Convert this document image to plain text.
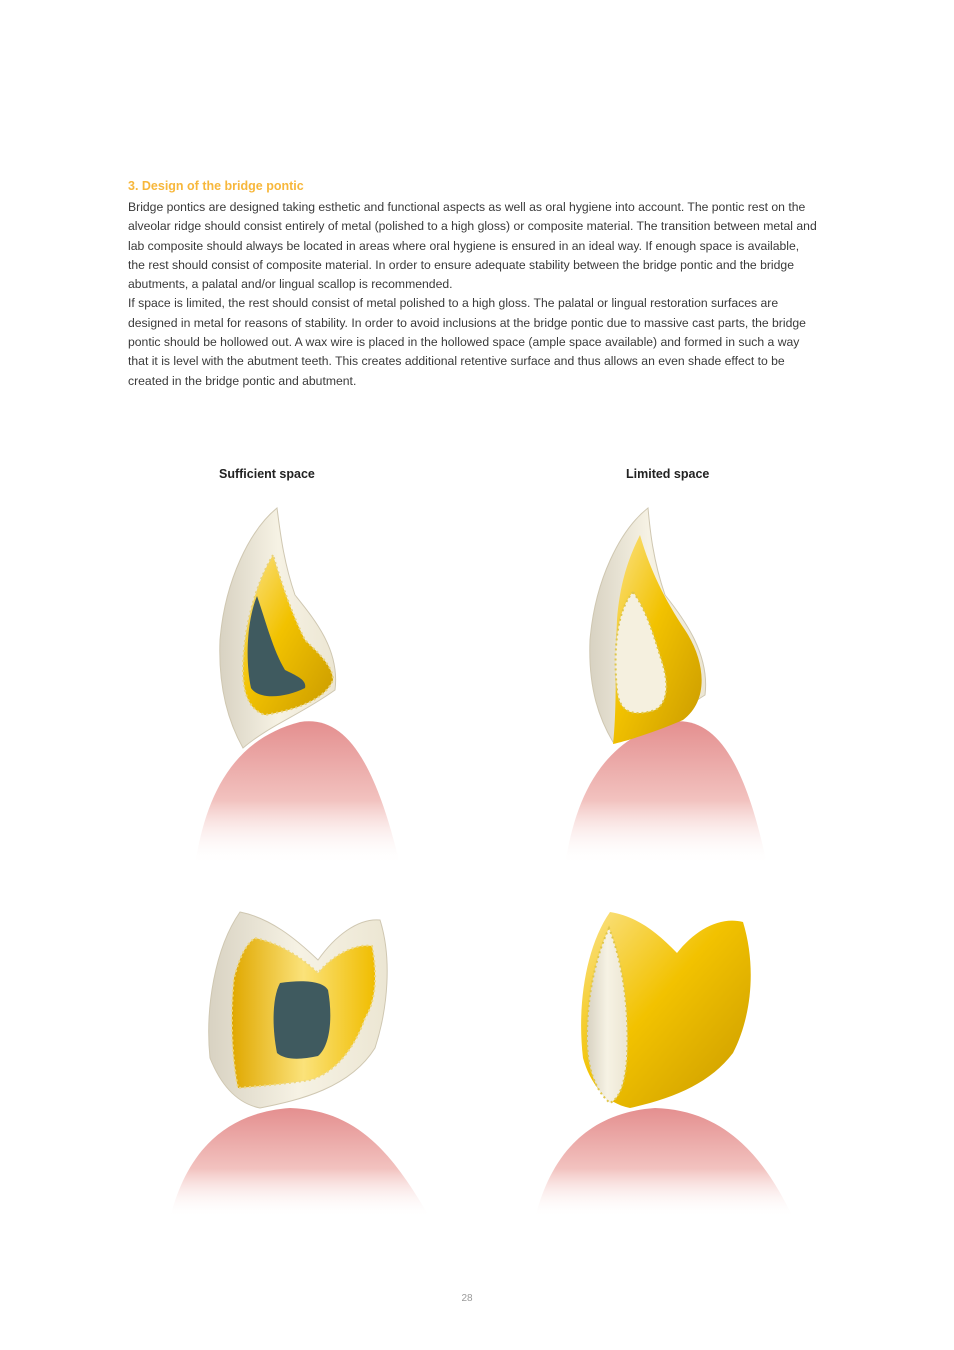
3. Design of the bridge pontic

Bridge pontics are designed taking esthetic and functional aspects as well as oral hygiene into account. The pontic rest on the alveolar ridge should consist entirely of metal (polished to a high gloss) or composite material. The transition between metal and lab composite should always be located in areas where oral hygiene is ensured in an ideal way. If enough space is available, the rest should consist of composite material. In order to ensure adequate stability between the bridge pontic and the bridge abutments, a palatal and/or lingual scallop is recommended.

If space is limited, the rest should consist of metal polished to a high gloss. The palatal or lingual restoration surfaces are designed in metal for reasons of stability. In order to avoid inclusions at the bridge pontic due to massive cast parts, the bridge pontic should be hollowed out. A wax wire is placed in the hollowed space (ample space available) and formed in such a way that it is level with the abutment teeth. This creates additional retentive surface and thus allows an even shade effect to be created in the bridge pontic and abutment.

Sufficient space	Limited space
28
